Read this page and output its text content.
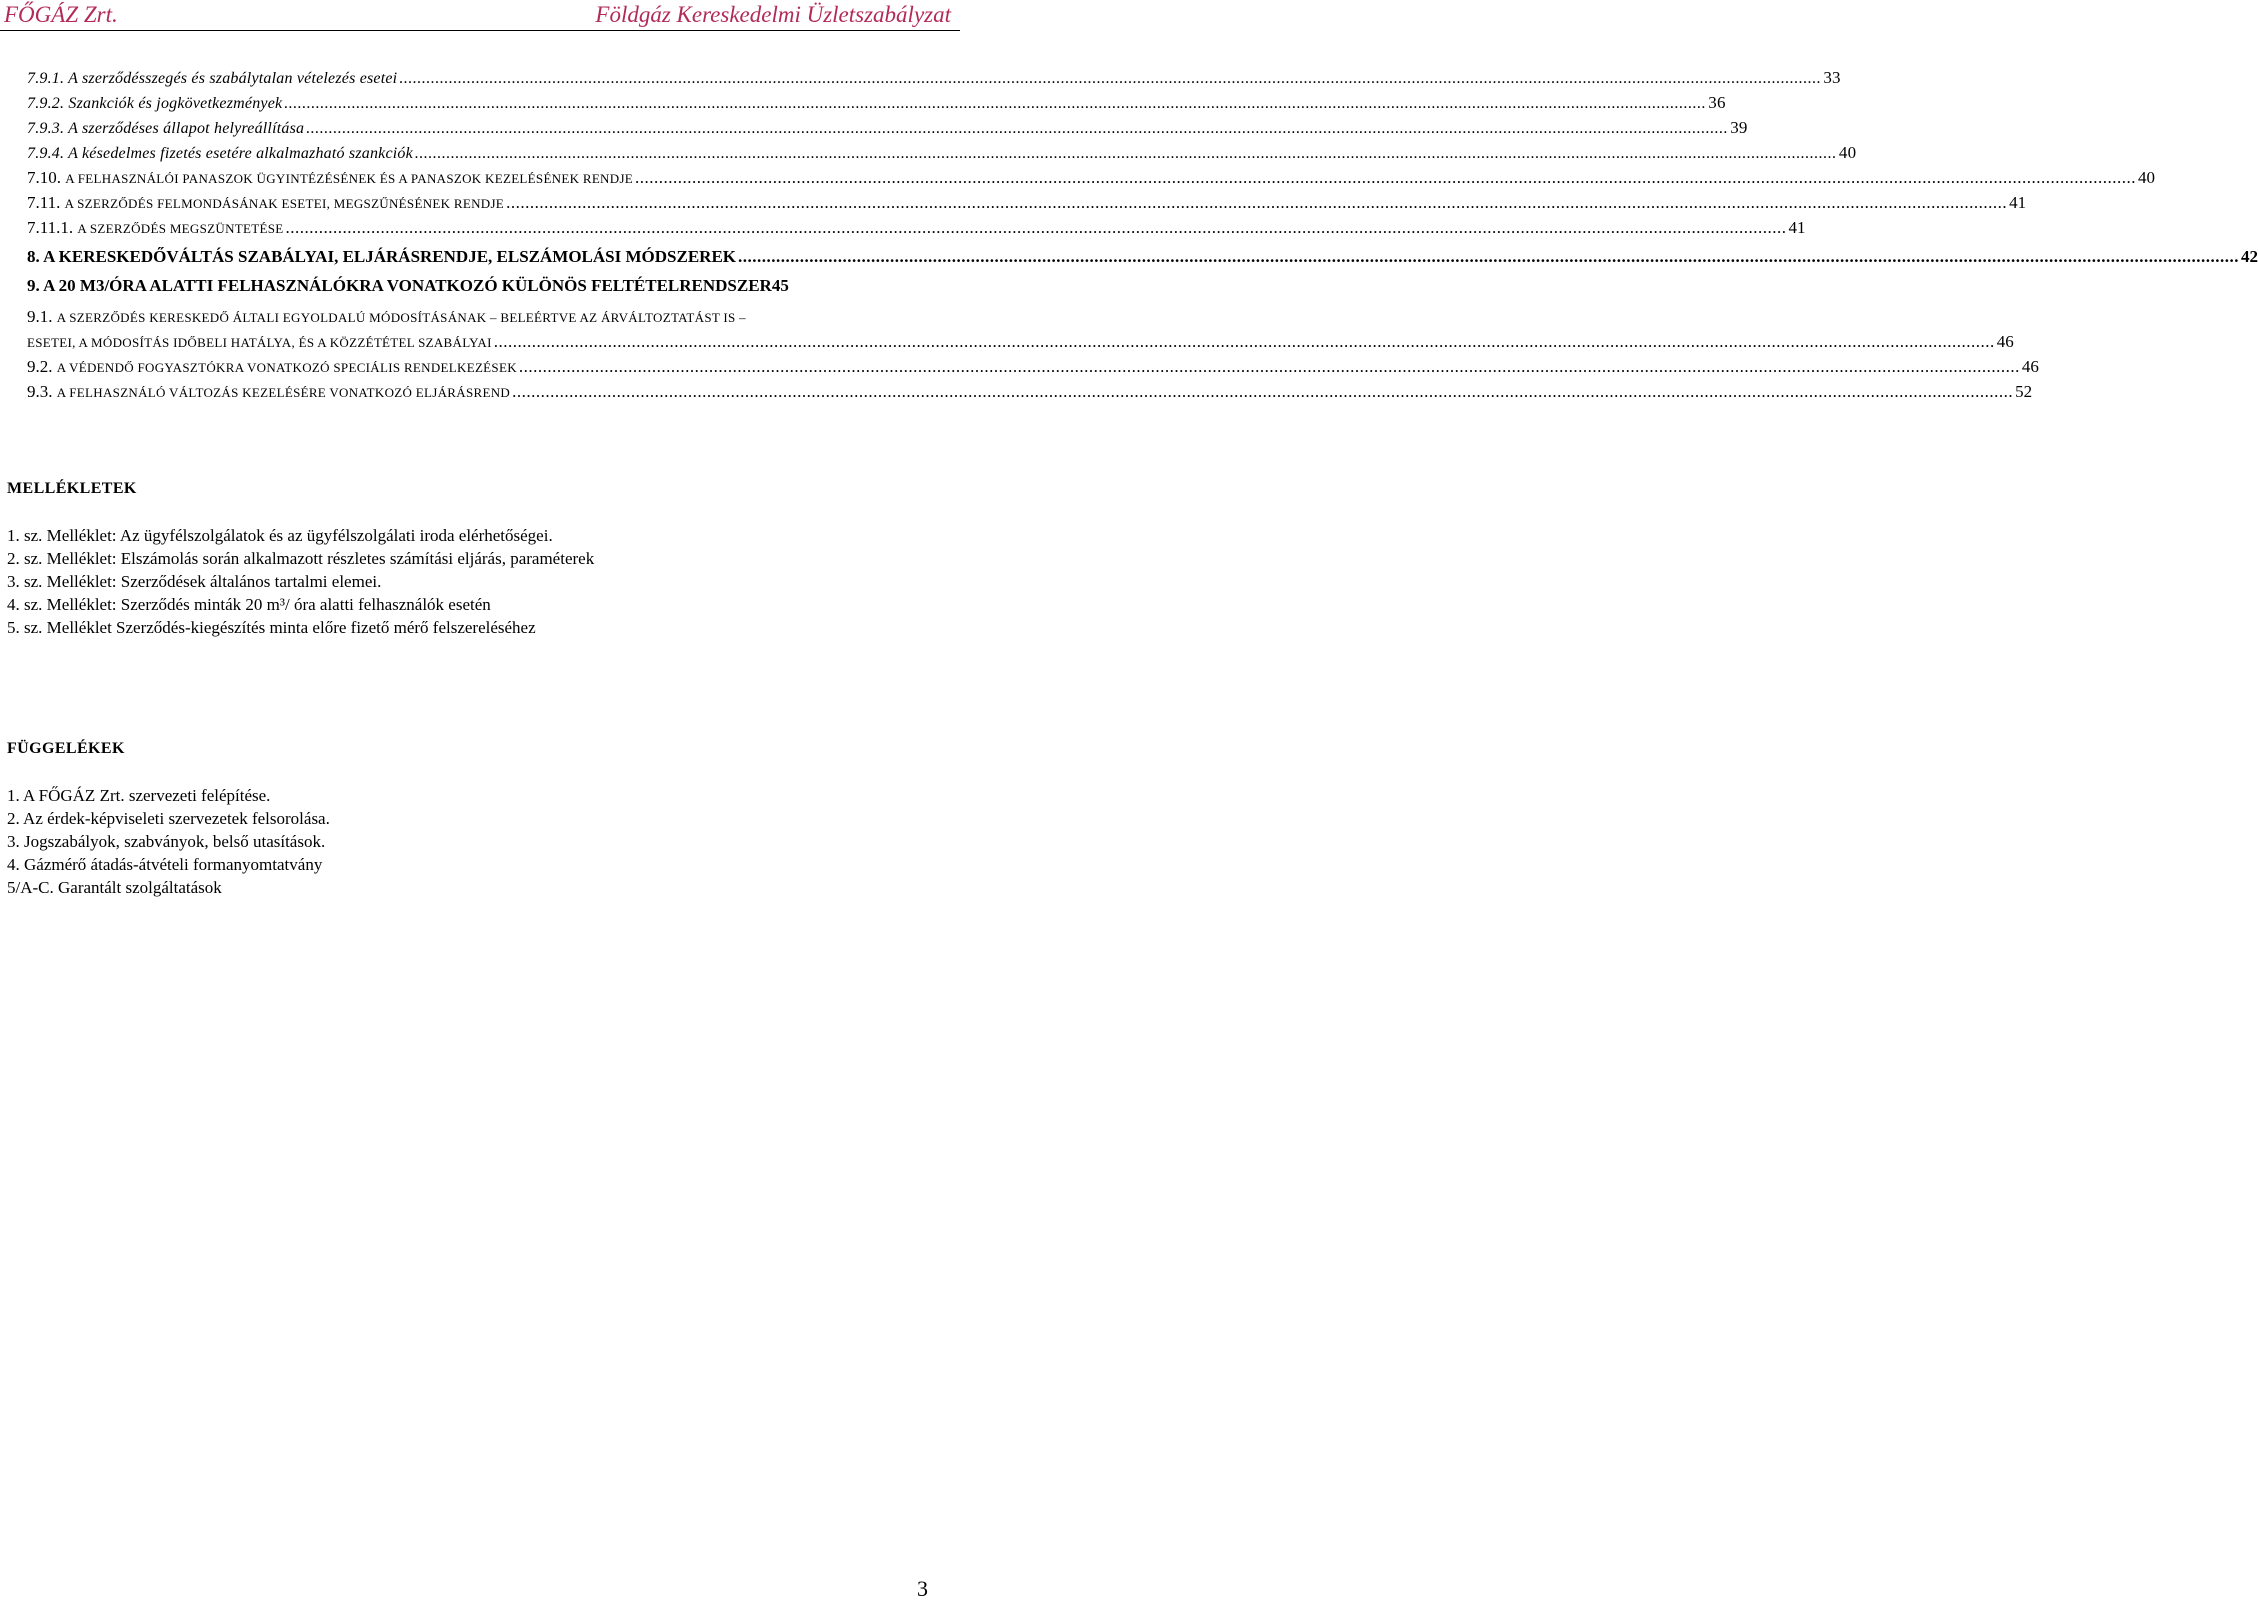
FŐGÁZ Zrt.	Földgáz Kereskedelmi Üzletszabályzat
7.9.1. A szerződésszegés és szabálytalan vételezés esetei .....	33
7.9.2. Szankciók és jogkövetkezmények .....	36
7.9.3. A szerződéses állapot helyreállítása .....	39
7.9.4. A késedelmes fizetés esetére alkalmazható szankciók .....	40
7.10. A FELHASZNÁLÓI PANASZOK ÜGYINTÉZÉSÉNEK ÉS A PANASZOK KEZELÉSÉNEK RENDJE .....	40
7.11. A SZERZŐDÉS FELMONDÁSÁNAK ESETEI, MEGSZŰNÉSÉNEK RENDJE .....	41
7.11.1. A SZERZŐDÉS MEGSZÜNTETÉSE .....	41
8. A KERESKEDŐVÁLTÁS SZABÁLYAI, ELJÁRÁSRENDJE, ELSZÁMOLÁSI MÓDSZEREK .....	42
9. A 20 M3/ÓRA ALATTI FELHASZNÁLÓKRA VONATKOZÓ KÜLÖNÖS FELTÉTELRENDSZER 45
9.1. A SZERZŐDÉS KERESKEDŐ ÁLTALI EGYOLDALÚ MÓDOSÍTÁSÁNAK – BELEÉRTVE AZ ÁRVÁLTOZTATÁST IS –
ESETEI, A MÓDOSÍTÁS IDŐBELI HATÁLYA, ÉS A KÖZZÉTÉTEL SZABÁLYAI .....	46
9.2. A VÉDENDŐ FOGYASZTÓKRA VONATKOZÓ SPECIÁLIS RENDELKEZÉSEK .....	46
9.3. A FELHASZNÁLÓ VÁLTOZÁS KEZELÉSÉRE VONATKOZÓ ELJÁRÁSREND .....	52
MELLÉKLETEK
1. sz. Melléklet: Az ügyfélszolgálatok és az ügyfélszolgálati iroda elérhetőségei.
2. sz. Melléklet: Elszámolás során alkalmazott részletes számítási eljárás, paraméterek
3. sz. Melléklet: Szerződések általános tartalmi elemei.
4. sz. Melléklet: Szerződés minták 20 m³/ óra alatti felhasználók esetén
5. sz. Melléklet Szerződés-kiegészítés minta előre fizető mérő felszereléséhez
FÜGGELÉKEK
1. A FŐGÁZ Zrt. szervezeti felépítése.
2. Az érdek-képviseleti szervezetek felsorolása.
3. Jogszabályok, szabványok, belső utasítások.
4. Gázmérő átadás-átvételi formanyomtatvány
5/A-C. Garantált szolgáltatások
3
